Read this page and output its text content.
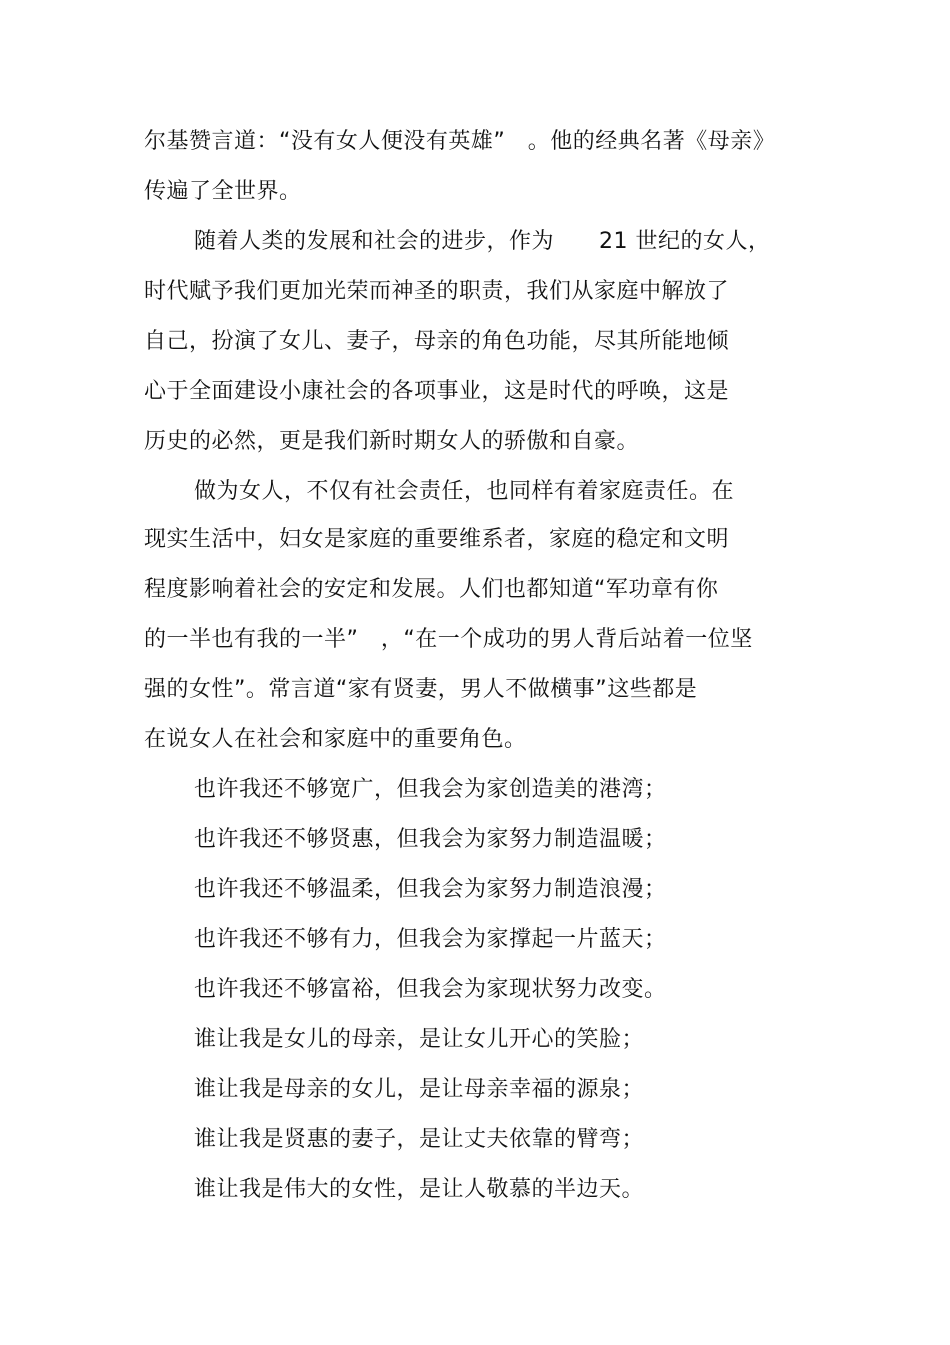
尔基赞言道：“没有女人便没有英雄”　。他的经典名著《母亲》
传遍了全世界。
随着人类的发展和社会的进步，作为　　21 世纪的女人，
时代赋予我们更加光荣而神圣的职责，我们从家庭中解放了
自己，扮演了女儿、妻子，母亲的角色功能，尽其所能地倾
心于全面建设小康社会的各项事业，这是时代的呼唤，这是
历史的必然，更是我们新时期女人的骄傲和自豪。
做为女人，不仅有社会责任，也同样有着家庭责任。在
现实生活中，妇女是家庭的重要维系者，家庭的稳定和文明
程度影响着社会的安定和发展。人们也都知道“军功章有你
的一半也有我的一半”　，“在一个成功的男人背后站着一位坚
强的女性”。常言道“家有贤妻，男人不做横事”这些都是
在说女人在社会和家庭中的重要角色。
也许我还不够宽广，但我会为家创造美的港湾；
也许我还不够贤惠，但我会为家努力制造温暖；
也许我还不够温柔，但我会为家努力制造浪漫；
也许我还不够有力，但我会为家撑起一片蓝天；
也许我还不够富裕，但我会为家现状努力改变。
谁让我是女儿的母亲，是让女儿开心的笑脸；
谁让我是母亲的女儿，是让母亲幸福的源泉；
谁让我是贤惠的妻子，是让丈夫依靠的臂弯；
谁让我是伟大的女性，是让人敬慕的半边天。
